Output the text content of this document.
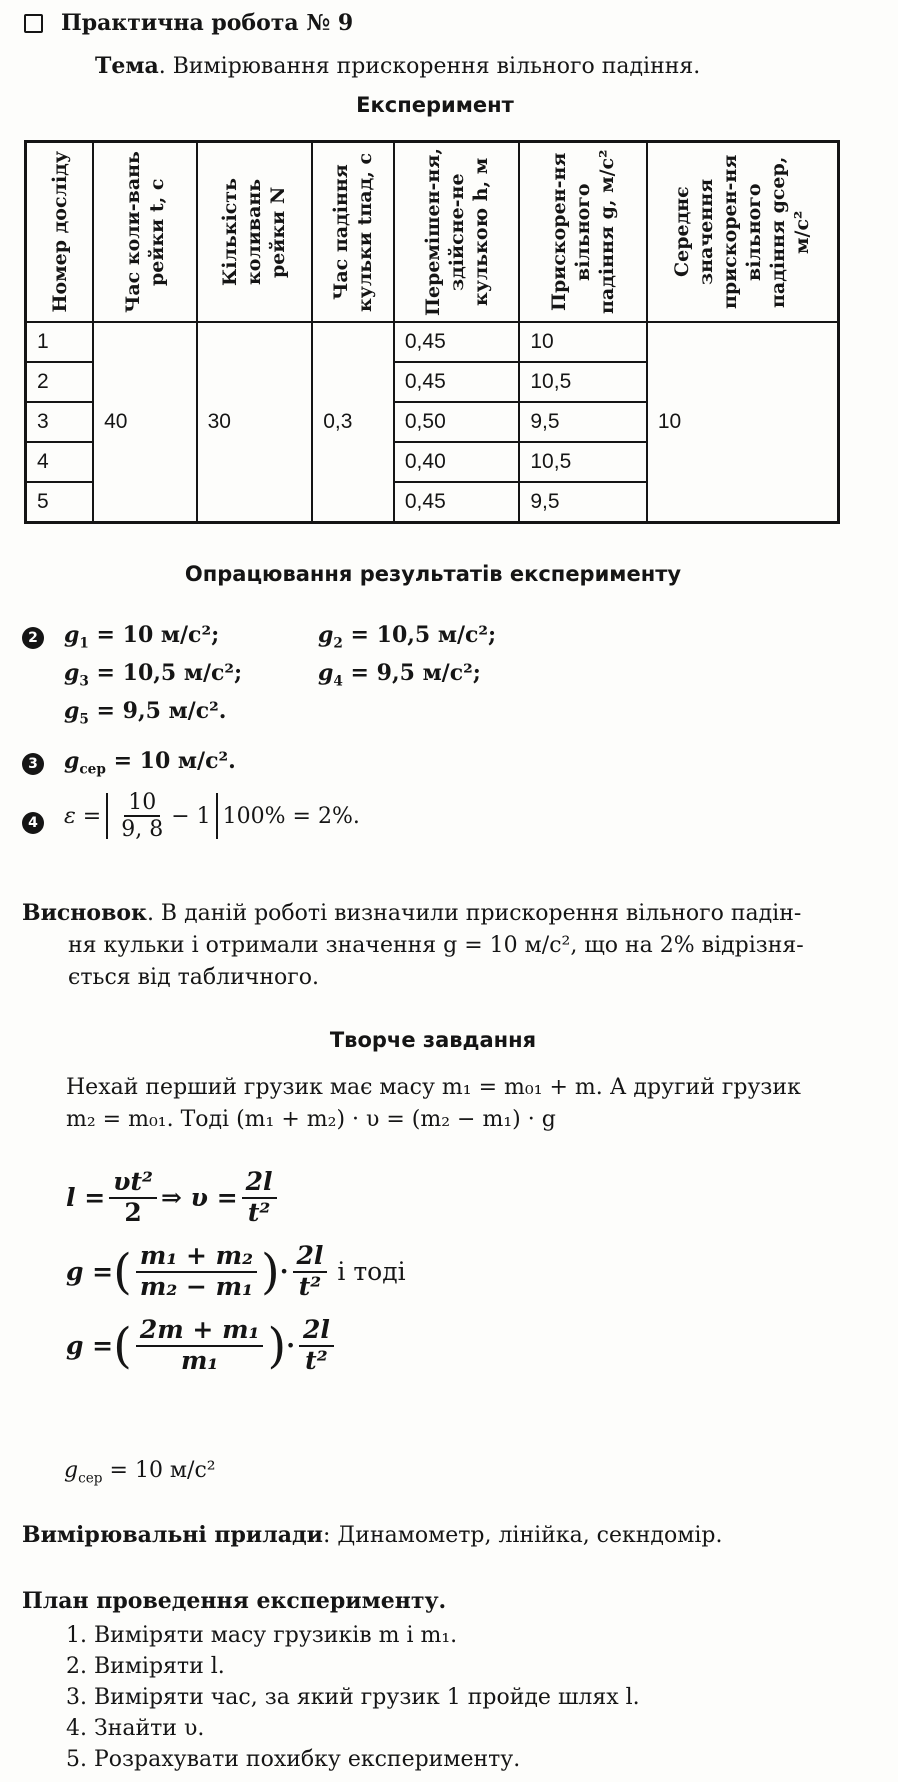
Практична робота № 9
Тема. Вимірювання прискорення вільного падіння.
Експеримент
Номер досліду	Час коли-вань рейки t, с	Кількість коливань рейки N	Час падіння кульки tпад, с	Перемішен-ня, здійсне-не кулькою h, м	Прискорен-ня вільного падіння g, м/с²	Середнє значення прискорен-ня вільного падіння gсер, м/с²

1	40	30	0,3	0,45	10	10
2				0,45	10,5	
3				0,50	9,5	
4				0,40	10,5	
5				0,45	9,5	
Опрацювання результатів експерименту
2 $g_1 = 10$ м/с²;	$g_2 = 10,5$ м/с²;
$g_3 = 10,5$ м/с²;	$g_4 = 9,5$ м/с²;
$g_5 = 9,5$ м/с².
3 $g_{сер} = 10$ м/с².
4 $\varepsilon = \frac{10}{9, 8} - 1$ 100% = 2%.
Висновок. В даній роботі визначили прискорення вільного падін-
ня кульки і отримали значення g = 10 м/с², що на 2% відрізня-
ється від табличного.
Творче завдання
Нехай перший грузик має масу m₁ = m₀₁ + m. А другий грузик
m₂ = m₀₁. Тоді (m₁ + m₂) · υ = (m₂ − m₁) · g
$l = \frac{\text{υt²}}{2}$ ⇒ $\upsilon = \frac{2l}{\text{t²}}$
g = ( $\frac{\text{m₁ + m₂}}{\text{m₂ − m₁}}$ ) · $\frac{2l}{\text{t²}}$ і тоді
g = ( $\frac{\text{2m + m₁}}{\text{m₁}}$ ) · $\frac{2l}{\text{t²}}$
$g_{сер} = 10$ м/с²
Вимірювальні прилади: Динамометр, лінійка, секндомір.
План проведення експерименту.
1. Виміряти масу грузиків m і m₁.
2. Виміряти l.
3. Виміряти час, за який грузик 1 пройде шлях l.
4. Знайти υ.
5. Розрахувати похибку експерименту.
